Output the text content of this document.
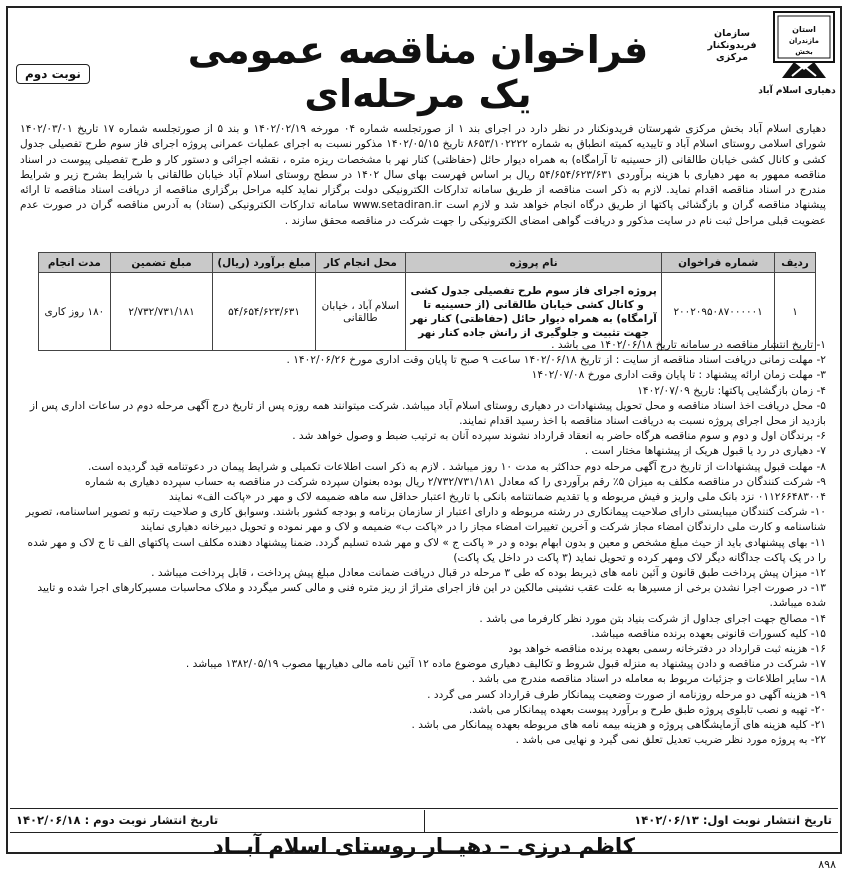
فراخوان مناقصه عمومی یک مرحله‌ای
نوبت دوم
استان
مازندران
بخش
سازمان
فریدونکنار
مرکزی
دهیاری اسلام آباد
دهیاری اسلام آباد بخش مرکزی شهرستان فریدونکنار در نظر دارد در اجرای بند ۱ از صورتجلسه شماره ۰۴ مورخه ۱۴۰۲/۰۲/۱۹ و بند ۵ از صورتجلسه شماره ۱۷ تاریخ ۱۴۰۲/۰۳/۰۱ شورای اسلامی روستای اسلام آباد و تاییدیه کمیته انطباق به شماره ۸۶۵۳/۱۰۲۲۲۲ تاریخ ۱۴۰۲/۰۵/۱۵ مذکور نسبت به اجرای عملیات عمرانی پروژه اجرای فاز سوم طرح تفصیلی جدول کشی و کانال کشی خیابان طالقانی (از حسینیه تا آرامگاه) به همراه دیوار حائل (حفاظتی) کنار نهر با مشخصات ریزه متره ، نقشه اجرائی و دستور کار و طرح تفصیلی پیوست در اسناد مناقصه ممهور به مهر دهیاری با هزینه برآوردی ۵۴/۶۵۴/۶۲۳/۶۳۱ ریال بر اساس فهرست بهای سال ۱۴۰۲ در سطح روستای اسلام آباد خیابان طالقانی با شرایط بشرح زیر و شرایط مندرج در اسناد مناقصه اقدام نماید. لازم به ذکر است مناقصه از طریق سامانه تدارکات الکترونیکی دولت برگزار نماید کلیه مراحل برگزاری مناقصه از دریافت اسناد مناقصه تا ارائه پیشنهاد مناقصه گران و بازگشائی پاکتها از طریق درگاه انجام خواهد شد و لازم است www.setadiran.ir سامانه تدارکات الکترونیکی (ستاد) به آدرس مناقصه گران در صورت عدم عضویت قبلی مراحل ثبت نام در سایت مذکور و دریافت گواهی امضای الکترونیکی را جهت شرکت در مناقصه محقق سازند .
ردیف	شماره فراخوان	نام پروژه	محل انجام کار	مبلغ برآورد (ریال)	مبلغ تضمین	مدت انجام
۱	۲۰۰۲۰۹۵۰۸۷۰۰۰۰۰۱	پروژه اجرای فاز سوم طرح تفصیلی جدول کشی و کانال کشی خیابان طالقانی (از حسینیه تا آرامگاه) به همراه دیوار حائل (حفاظتی) کنار نهر جهت تثبیت و جلوگیری از رانش جاده کنار نهر	اسلام آباد ، خیابان طالقانی	۵۴/۶۵۴/۶۲۳/۶۳۱	۲/۷۳۲/۷۳۱/۱۸۱	۱۸۰ روز کاری

۱- تاریخ انتشار مناقصه در سامانه تاریخ ۱۴۰۲/۰۶/۱۸ می باشد .

۲- مهلت زمانی دریافت اسناد مناقصه از سایت : از تاریخ ۱۴۰۲/۰۶/۱۸ ساعت ۹ صبح تا پایان وقت اداری مورخ ۱۴۰۲/۰۶/۲۶ .

۳- مهلت زمان ارائه پیشنهاد : تا پایان وقت اداری مورخ ۱۴۰۲/۰۷/۰۸

۴- زمان بازگشایی پاکتها: تاریخ ۱۴۰۲/۰۷/۰۹

۵- محل دریافت اخذ اسناد مناقصه و محل تحویل پیشنهادات در دهیاری روستای اسلام آباد میباشد. شرکت میتوانند همه روزه پس از تاریخ درج آگهی مرحله دوم در ساعات اداری پس از بازدید از محل اجرای پروژه نسبت به دریافت اسناد مناقصه با اخذ رسید اقدام نمایند.

۶- برندگان اول و دوم و سوم مناقصه هرگاه حاضر به انعقاد قرارداد نشوند سپرده آنان به ترتیب ضبط و وصول خواهد شد .

۷- دهیاری در رد یا قبول هریک از پیشنهاها مختار است .

۸- مهلت قبول پیشنهادات از تاریخ درج آگهی مرحله دوم حداکثر به مدت ۱۰ روز میباشد . لازم به ذکر است اطلاعات تکمیلی و شرایط پیمان در دعوتنامه قید گردیده است.

۹- شرکت کنندگان در مناقصه مکلف به میزان ۵٪ رقم برآوردی را که معادل ۲/۷۳۲/۷۳۱/۱۸۱ ریال بوده بعنوان سپرده شرکت در مناقصه به حساب سپرده دهیاری به شماره ۰۱۱۲۶۶۴۸۳۰۰۴ نزد بانک ملی واریز و فیش مربوطه و یا تقدیم ضمانتنامه بانکی با تاریخ اعتبار حداقل سه ماهه ضمیمه لاک و مهر در «پاکت الف» نمایند

۱۰- شرکت کنندگان میبایستی دارای صلاحیت پیمانکاری در رشته مربوطه و دارای اعتبار از سازمان برنامه و بودجه کشور باشند. وسوابق کاری و صلاحیت رتبه و تصویر اساسنامه، تصویر شناسنامه و کارت ملی دارندگان امضاء مجاز شرکت و آخرین تغییرات امضاء مجاز را در «پاکت ب» ضمیمه و لاک و مهر نموده و تحویل دبیرخانه دهیاری نمایند

۱۱- بهای پیشنهادی باید از حیث مبلغ مشخص و معین و بدون ابهام بوده و در « پاکت ج » لاک و مهر شده تسلیم گردد. ضمنا پیشنهاد دهنده مکلف است پاکتهای الف تا ج لاک و مهر شده را در یک پاکت جداگانه دیگر لاک ومهر کرده و تحویل نماید (۳ پاکت در داخل یک پاکت)

۱۲- میزان پیش پرداخت طبق قانون و آئین نامه های ذیربط بوده که طی ۳ مرحله در قبال دریافت ضمانت معادل مبلغ پیش پرداخت ، قابل پرداخت میباشد .

۱۳- در صورت اجرا نشدن برخی از مسیرها به علت عقب نشینی مالکین در این فاز اجرای متراژ از ریز متره فنی و مالی کسر میگردد و ملاک محاسبات مسیرکارهای اجرا شده و تایید شده میباشد.

۱۴- مصالح جهت اجرای جداول از شرکت بنیاد بتن مورد نظر کارفرما می باشد .

۱۵- کلیه کسورات قانونی بعهده برنده مناقصه میباشد.

۱۶- هزینه ثبت قرارداد در دفترخانه رسمی بعهده برنده مناقصه خواهد بود

۱۷- شرکت در مناقصه و دادن پیشنهاد به منزله قبول شروط و تکالیف دهیاری موضوع ماده ۱۲ آئین نامه مالی دهیاریها مصوب ۱۳۸۲/۰۵/۱۹ میباشد .

۱۸- سایر اطلاعات و جزئیات مربوط به معامله در اسناد مناقصه مندرج می باشد .

۱۹- هزینه آگهی دو مرحله روزنامه از صورت وضعیت پیمانکار طرف قرارداد کسر می گردد .

۲۰- تهیه و نصب تابلوی پروژه طبق طرح و برآورد پیوست بعهده پیمانکار می باشد.

۲۱- کلیه هزینه های آزمایشگاهی پروژه و هزینه بیمه نامه های مربوطه بعهده پیمانکار می باشد .

۲۲- به پروژه مورد نظر ضریب تعدیل تعلق نمی گیرد و نهایی می باشد .

تاریخ انتشار نوبت اول: ۱۴۰۲/۰۶/۱۳
تاریخ انتشار نوبت دوم : ۱۴۰۲/۰۶/۱۸
کاظم درزی – دهیــار روستای اسلام آبــاد
۸۹۸
